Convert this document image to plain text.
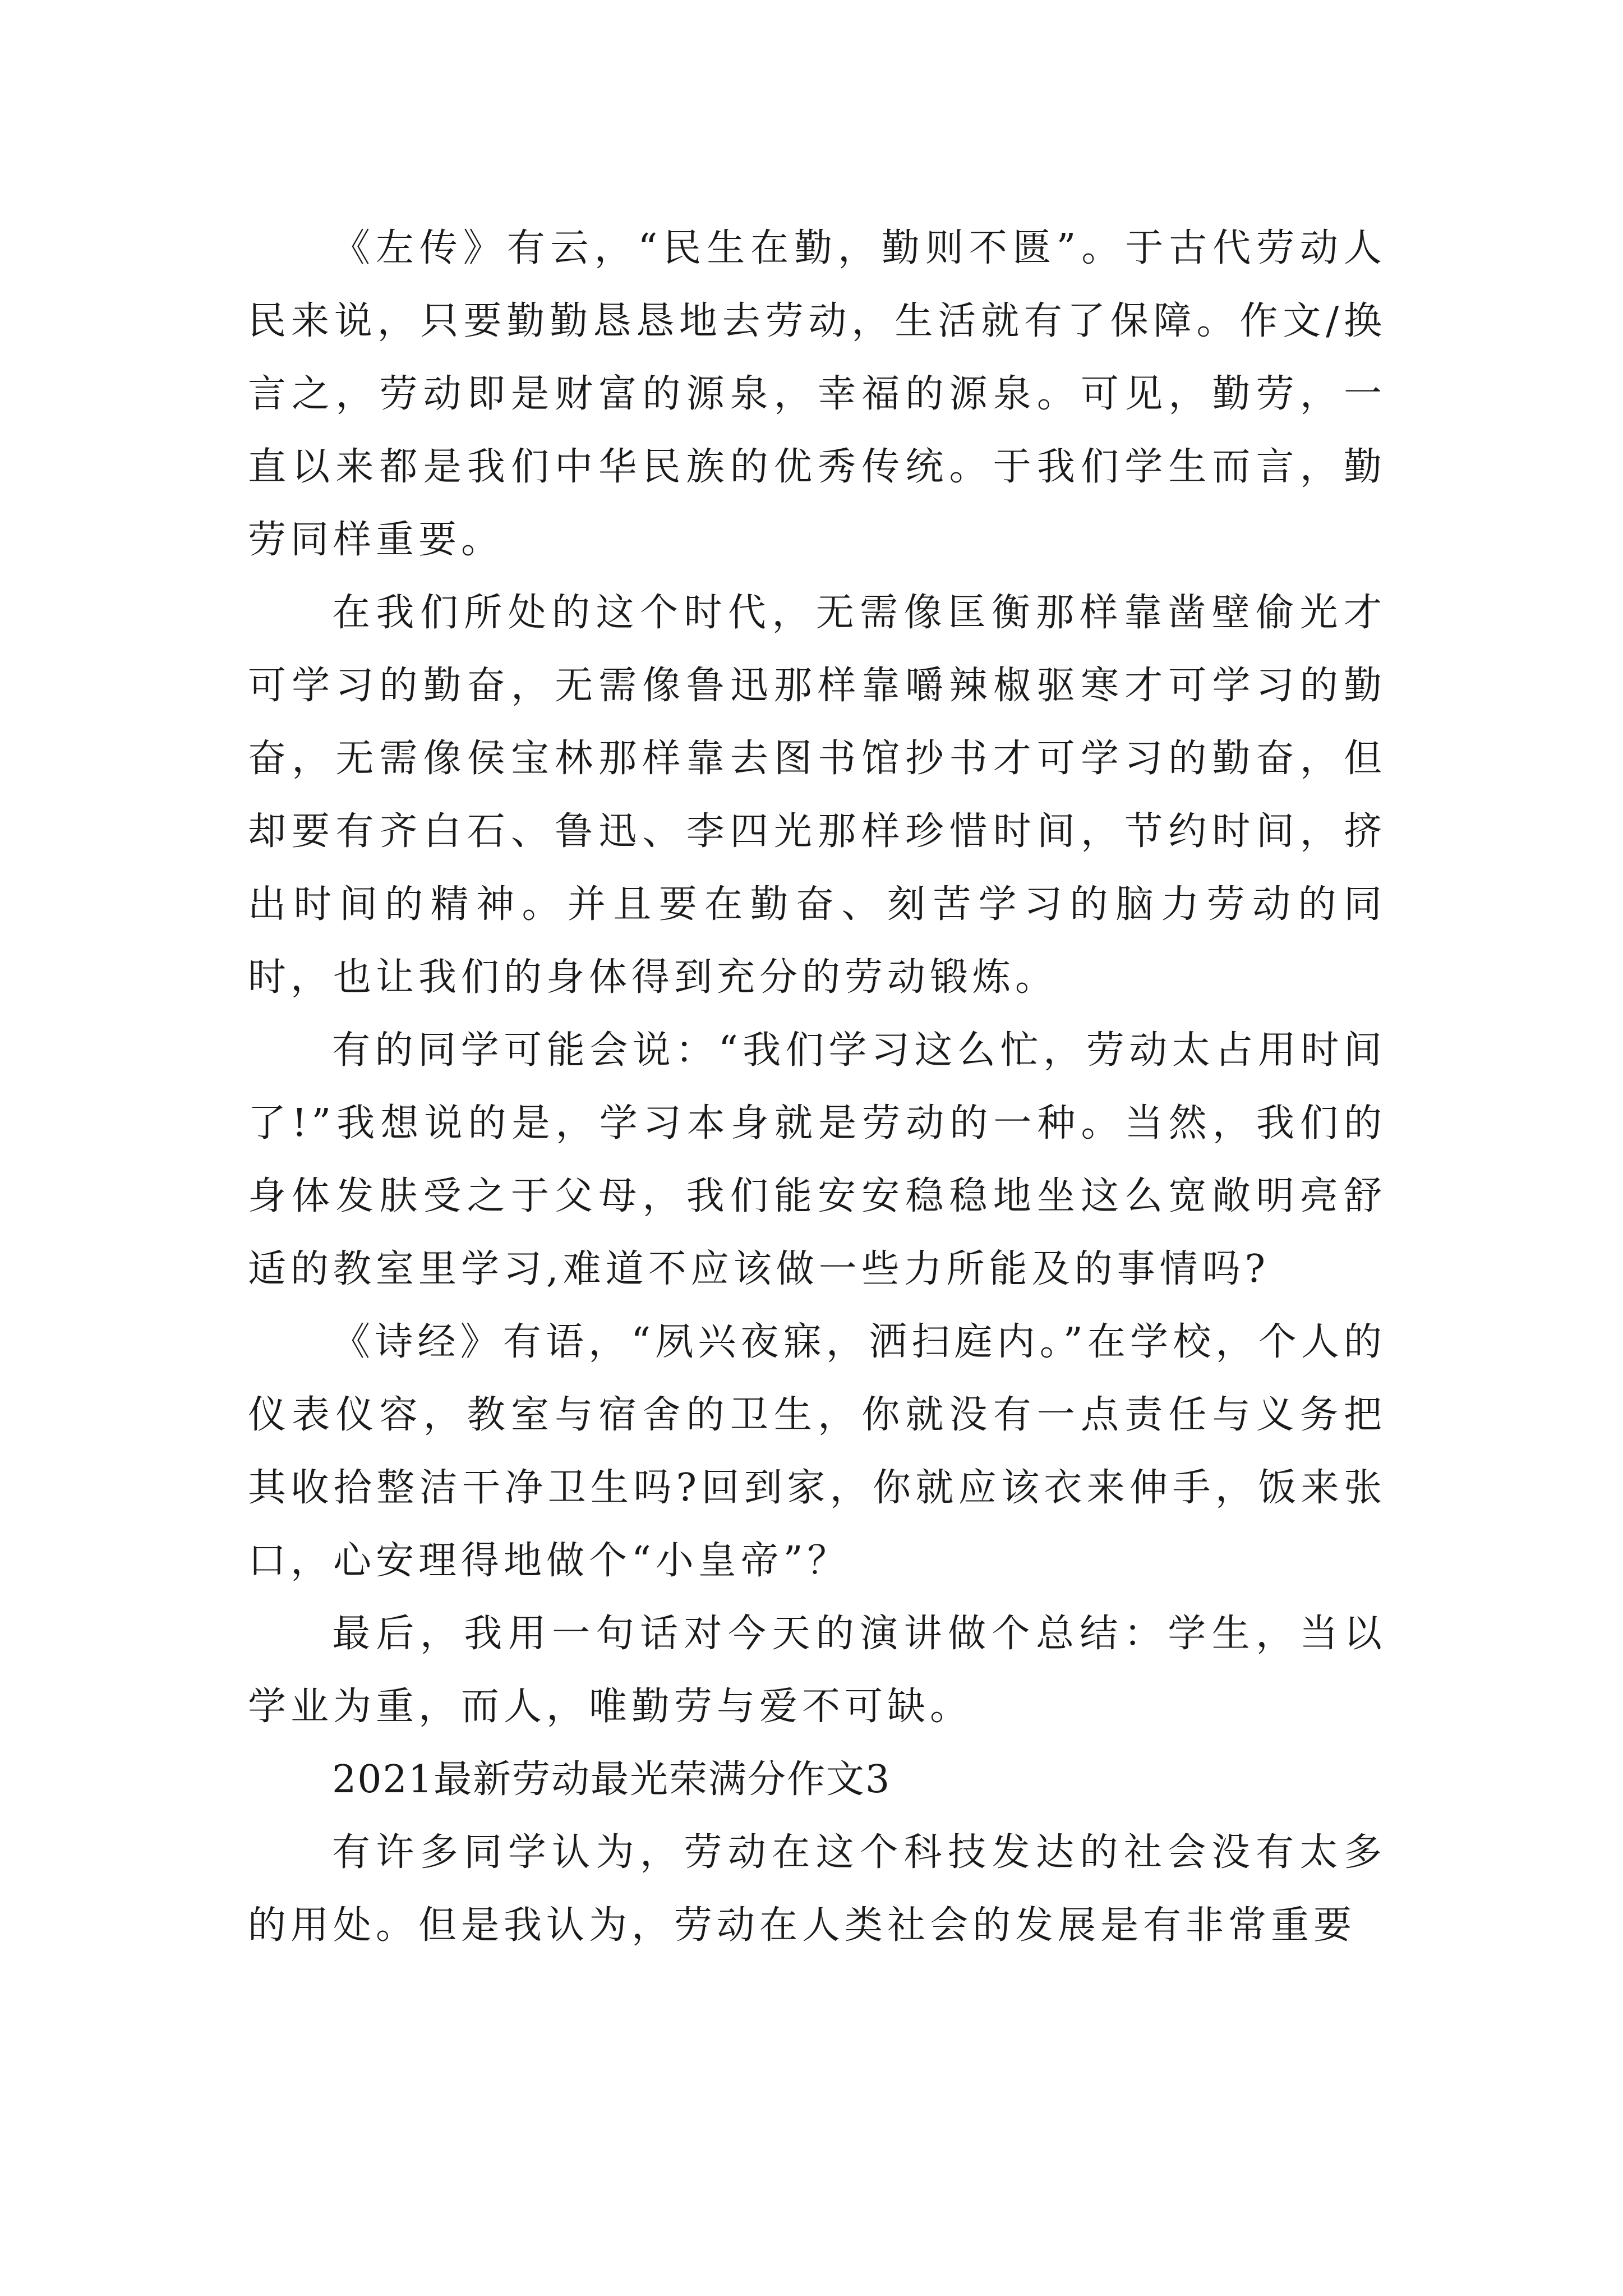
《左传》有云，“民生在勤，勤则不匮”。于古代劳动人民来说，只要勤勤恳恳地去劳动，生活就有了保障。作文/换言之，劳动即是财富的源泉，幸福的源泉。可见，勤劳，一直以来都是我们中华民族的优秀传统。于我们学生而言，勤劳同样重要。

在我们所处的这个时代，无需像匡衡那样靠凿壁偷光才可学习的勤奋，无需像鲁迅那样靠嚼辣椒驱寒才可学习的勤奋，无需像侯宝林那样靠去图书馆抄书才可学习的勤奋，但却要有齐白石、鲁迅、李四光那样珍惜时间，节约时间，挤出时间的精神。并且要在勤奋、刻苦学习的脑力劳动的同时，也让我们的身体得到充分的劳动锻炼。

有的同学可能会说：“我们学习这么忙，劳动太占用时间了!”我想说的是，学习本身就是劳动的一种。当然，我们的身体发肤受之于父母，我们能安安稳稳地坐这么宽敞明亮舒适的教室里学习,难道不应该做一些力所能及的事情吗?

《诗经》有语，“夙兴夜寐，洒扫庭内。”在学校，个人的仪表仪容，教室与宿舍的卫生，你就没有一点责任与义务把其收拾整洁干净卫生吗?回到家，你就应该衣来伸手，饭来张口，心安理得地做个“小皇帝”？

最后，我用一句话对今天的演讲做个总结：学生，当以学业为重，而人，唯勤劳与爱不可缺。

2021最新劳动最光荣满分作文3

有许多同学认为，劳动在这个科技发达的社会没有太多的用处。但是我认为，劳动在人类社会的发展是有非常重要
